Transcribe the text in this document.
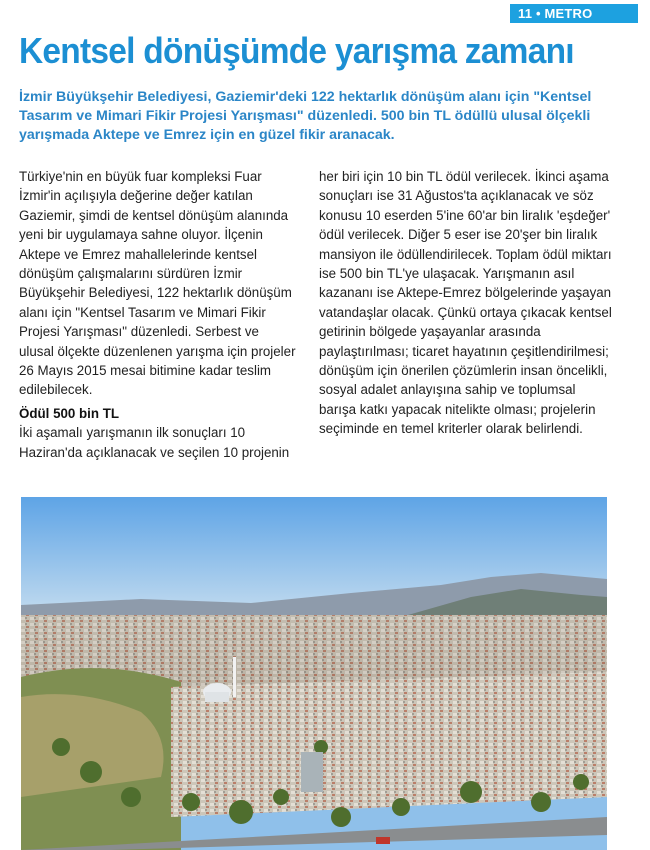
11 • METRO
Kentsel dönüşümde yarışma zamanı

İzmir Büyükşehir Belediyesi, Gaziemir'deki 122 hektarlık dönüşüm alanı için "Kentsel Tasarım ve Mimari Fikir Projesi Yarışması" düzenledi. 500 bin TL ödüllü ulusal ölçekli yarışmada Aktepe ve Emrez için en güzel fikir aranacak.

Türkiye'nin en büyük fuar kompleksi Fuar İzmir'in açılışıyla değerine değer katılan Gaziemir, şimdi de kentsel dönüşüm alanında yeni bir uygulamaya sahne oluyor. İlçenin Aktepe ve Emrez mahallelerinde kentsel dönüşüm çalışmalarını sürdüren İzmir Büyükşehir Belediyesi, 122 hektarlık dönüşüm alanı için "Kentsel Tasarım ve Mimari Fikir Projesi Yarışması" düzenledi. Serbest ve ulusal ölçekte düzenlenen yarışma için projeler 26 Mayıs 2015 mesai bitimine kadar teslim edilebilecek.

Ödül 500 bin TL

İki aşamalı yarışmanın ilk sonuçları 10 Haziran'da açıklanacak ve seçilen 10 projenin

her biri için 10 bin TL ödül verilecek. İkinci aşama sonuçları ise 31 Ağustos'ta açıklanacak ve söz konusu 10 eserden 5'ine 60'ar bin liralık 'eşdeğer' ödül verilecek. Diğer 5 eser ise 20'şer bin liralık mansiyon ile ödüllendirilecek. Toplam ödül miktarı ise 500 bin TL'ye ulaşacak. Yarışmanın asıl kazananı ise Aktepe-Emrez bölgelerinde yaşayan vatandaşlar olacak. Çünkü ortaya çıkacak kentsel getirinin bölgede yaşayanlar arasında paylaştırılması; ticaret hayatının çeşitlendirilmesi; dönüşüm için önerilen çözümlerin insan öncelikli, sosyal adalet anlayışına sahip ve toplumsal barışa katkı yapacak nitelikte olması; projelerin seçiminde en temel kriterler olarak belirlendi.
